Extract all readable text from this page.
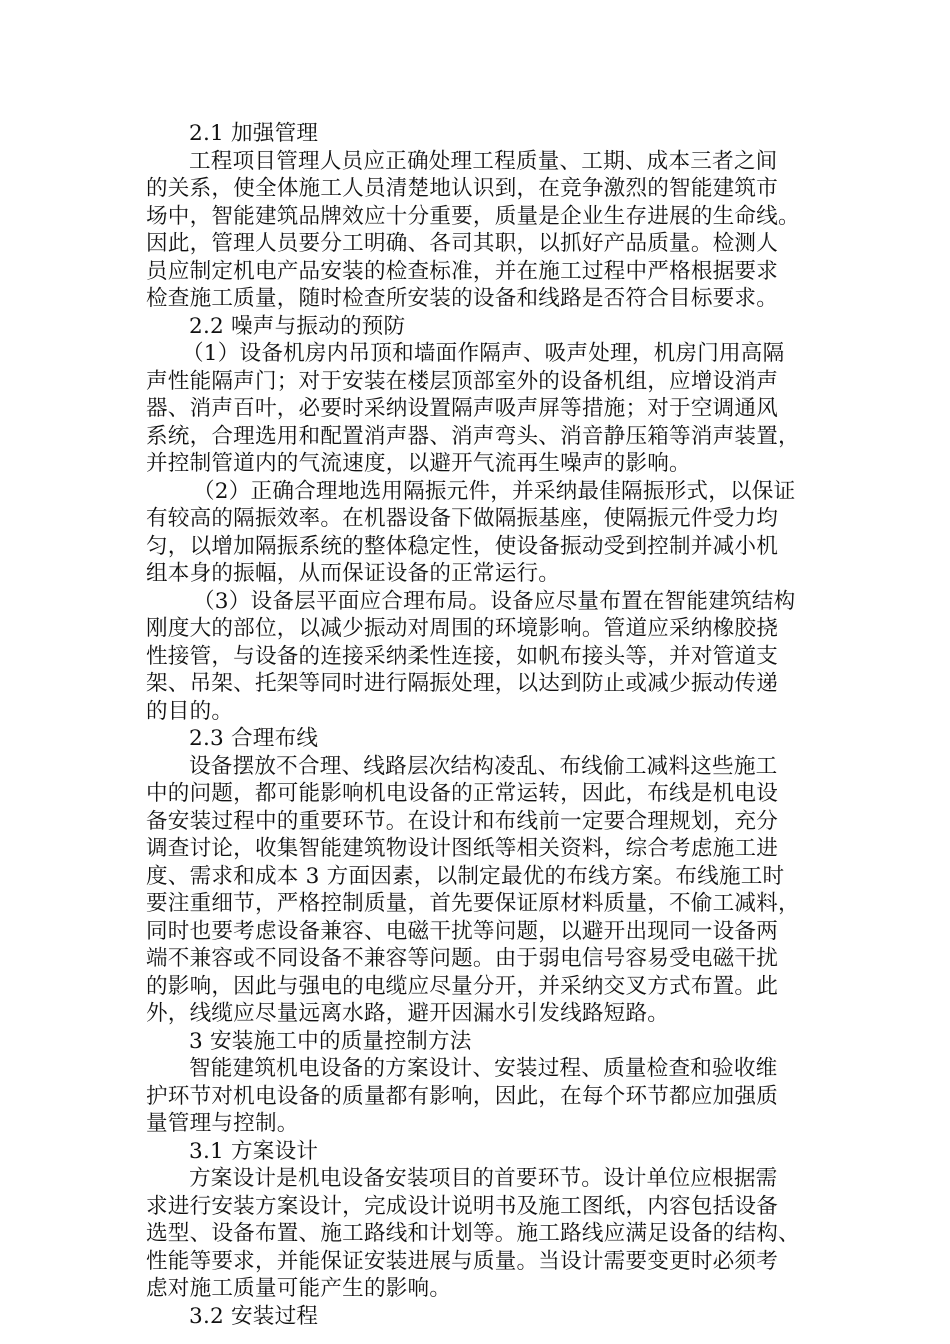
2.1 加强管理
工程项目管理人员应正确处理工程质量、工期、成本三者之间
的关系，使全体施工人员清楚地认识到，在竞争激烈的智能建筑市
场中，智能建筑品牌效应十分重要，质量是企业生存进展的生命线。
因此，管理人员要分工明确、各司其职，以抓好产品质量。检测人
员应制定机电产品安装的检查标准，并在施工过程中严格根据要求
检查施工质量，随时检查所安装的设备和线路是否符合目标要求。
2.2 噪声与振动的预防
（1）设备机房内吊顶和墙面作隔声、吸声处理，机房门用高隔
声性能隔声门；对于安装在楼层顶部室外的设备机组，应增设消声
器、消声百叶，必要时采纳设置隔声吸声屏等措施；对于空调通风
系统，合理选用和配置消声器、消声弯头、消音静压箱等消声装置，
并控制管道内的气流速度，以避开气流再生噪声的影响。
（2）正确合理地选用隔振元件，并采纳最佳隔振形式，以保证
有较高的隔振效率。在机器设备下做隔振基座，使隔振元件受力均
匀，以增加隔振系统的整体稳定性，使设备振动受到控制并减小机
组本身的振幅，从而保证设备的正常运行。
（3）设备层平面应合理布局。设备应尽量布置在智能建筑结构
刚度大的部位，以减少振动对周围的环境影响。管道应采纳橡胶挠
性接管，与设备的连接采纳柔性连接，如帆布接头等，并对管道支
架、吊架、托架等同时进行隔振处理，以达到防止或减少振动传递
的目的。
2.3 合理布线
设备摆放不合理、线路层次结构凌乱、布线偷工减料这些施工
中的问题，都可能影响机电设备的正常运转，因此，布线是机电设
备安装过程中的重要环节。在设计和布线前一定要合理规划，充分
调查讨论，收集智能建筑物设计图纸等相关资料，综合考虑施工进
度、需求和成本 3 方面因素，以制定最优的布线方案。布线施工时
要注重细节，严格控制质量，首先要保证原材料质量，不偷工减料，
同时也要考虑设备兼容、电磁干扰等问题，以避开出现同一设备两
端不兼容或不同设备不兼容等问题。由于弱电信号容易受电磁干扰
的影响，因此与强电的电缆应尽量分开，并采纳交叉方式布置。此
外，线缆应尽量远离水路，避开因漏水引发线路短路。
3 安装施工中的质量控制方法
智能建筑机电设备的方案设计、安装过程、质量检查和验收维
护环节对机电设备的质量都有影响，因此，在每个环节都应加强质
量管理与控制。
3.1 方案设计
方案设计是机电设备安装项目的首要环节。设计单位应根据需
求进行安装方案设计，完成设计说明书及施工图纸，内容包括设备
选型、设备布置、施工路线和计划等。施工路线应满足设备的结构、
性能等要求，并能保证安装进展与质量。当设计需要变更时必须考
虑对施工质量可能产生的影响。
3.2 安装过程
